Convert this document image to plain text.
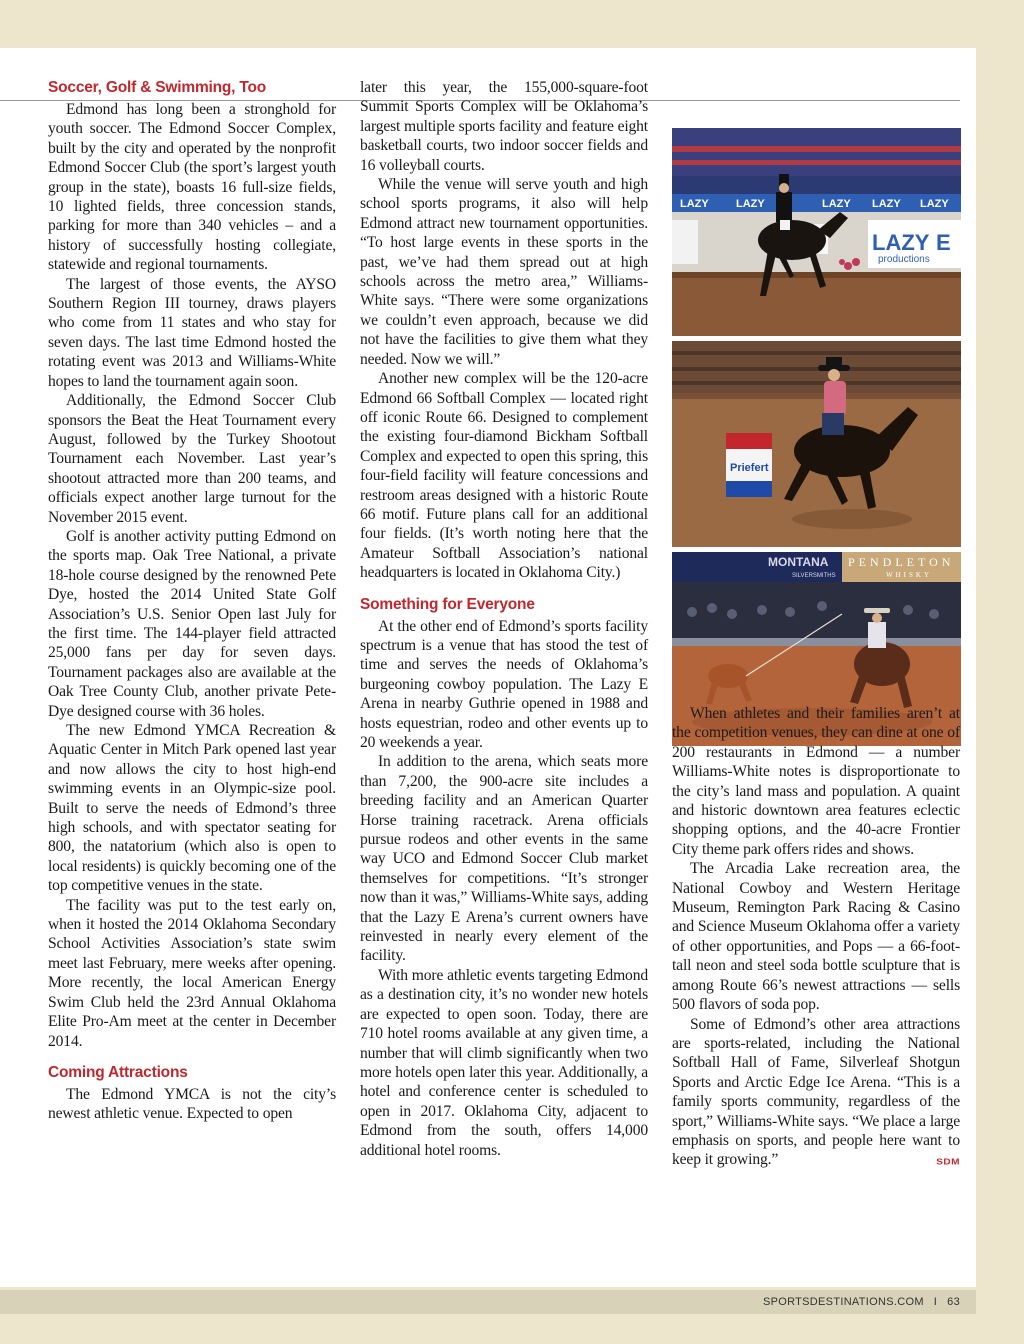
Soccer, Golf & Swimming, Too

Edmond has long been a stronghold for youth soccer. The Edmond Soccer Complex, built by the city and operated by the nonprofit Edmond Soccer Club (the sport’s largest youth group in the state), boasts 16 full-size fields, 10 lighted fields, three concession stands, parking for more than 340 vehicles – and a history of successfully hosting collegiate, statewide and regional tournaments.

The largest of those events, the AYSO Southern Region III tourney, draws players who come from 11 states and who stay for seven days. The last time Edmond hosted the rotating event was 2013 and Williams-White hopes to land the tournament again soon.

Additionally, the Edmond Soccer Club sponsors the Beat the Heat Tournament every August, followed by the Turkey Shootout Tournament each November. Last year’s shootout attracted more than 200 teams, and officials expect another large turnout for the November 2015 event.

Golf is another activity putting Edmond on the sports map. Oak Tree National, a private 18-hole course designed by the renowned Pete Dye, hosted the 2014 United State Golf Association’s U.S. Senior Open last July for the first time. The 144-player field attracted 25,000 fans per day for seven days. Tournament packages also are available at the Oak Tree County Club, another private Pete-Dye designed course with 36 holes.

The new Edmond YMCA Recreation & Aquatic Center in Mitch Park opened last year and now allows the city to host high-end swimming events in an Olympic-size pool. Built to serve the needs of Edmond’s three high schools, and with spectator seating for 800, the natatorium (which also is open to local residents) is quickly becoming one of the top competitive venues in the state.

The facility was put to the test early on, when it hosted the 2014 Oklahoma Secondary School Activities Association’s state swim meet last February, mere weeks after opening. More recently, the local American Energy Swim Club held the 23rd Annual Oklahoma Elite Pro-Am meet at the center in December 2014.

Coming Attractions

The Edmond YMCA is not the city’s newest athletic venue. Expected to open

later this year, the 155,000-square-foot Summit Sports Complex will be Oklahoma’s largest multiple sports facility and feature eight basketball courts, two indoor soccer fields and 16 volleyball courts.

While the venue will serve youth and high school sports programs, it also will help Edmond attract new tournament opportunities. “To host large events in these sports in the past, we’ve had them spread out at high schools across the metro area,” Williams-White says. “There were some organizations we couldn’t even approach, because we did not have the facilities to give them what they needed. Now we will.”

Another new complex will be the 120-acre Edmond 66 Softball Complex — located right off iconic Route 66. Designed to complement the existing four-diamond Bickham Softball Complex and expected to open this spring, this four-field facility will feature concessions and restroom areas designed with a historic Route 66 motif. Future plans call for an additional four fields. (It’s worth noting here that the Amateur Softball Association’s national headquarters is located in Oklahoma City.)

Something for Everyone

At the other end of Edmond’s sports facility spectrum is a venue that has stood the test of time and serves the needs of Oklahoma’s burgeoning cowboy population. The Lazy E Arena in nearby Guthrie opened in 1988 and hosts equestrian, rodeo and other events up to 20 weekends a year.

In addition to the arena, which seats more than 7,200, the 900-acre site includes a breeding facility and an American Quarter Horse training racetrack. Arena officials pursue rodeos and other events in the same way UCO and Edmond Soccer Club market themselves for competitions. “It’s stronger now than it was,” Williams-White says, adding that the Lazy E Arena’s current owners have reinvested in nearly every element of the facility.

With more athletic events targeting Edmond as a destination city, it’s no wonder new hotels are expected to open soon. Today, there are 710 hotel rooms available at any given time, a number that will climb significantly when two more hotels open later this year. Additionally, a hotel and conference center is scheduled to open in 2017. Oklahoma City, adjacent to Edmond from the south, offers 14,000 additional hotel rooms.

LAZY LAZY	LAZY LAZY LAZY
LAZY E
productions
Priefert
MONTANA
SILVERSMITHS
PENDLETON
WHISKY

When athletes and their families aren’t at the competition venues, they can dine at one of 200 restaurants in Edmond — a number Williams-White notes is disproportionate to the city’s land mass and population. A quaint and historic downtown area features eclectic shopping options, and the 40-acre Frontier City theme park offers rides and shows.

The Arcadia Lake recreation area, the National Cowboy and Western Heritage Museum, Remington Park Racing & Casino and Science Museum Oklahoma offer a variety of other opportunities, and Pops — a 66-foot-tall neon and steel soda bottle sculpture that is among Route 66’s newest attractions — sells 500 flavors of soda pop.

Some of Edmond’s other area attractions are sports-related, including the National Softball Hall of Fame, Silverleaf Shotgun Sports and Arctic Edge Ice Arena. “This is a family sports community, regardless of the sport,” Williams-White says. “We place a large emphasis on sports, and people here want to keep it growing.”	SDM

SPORTSDESTINATIONS.COM I 63
